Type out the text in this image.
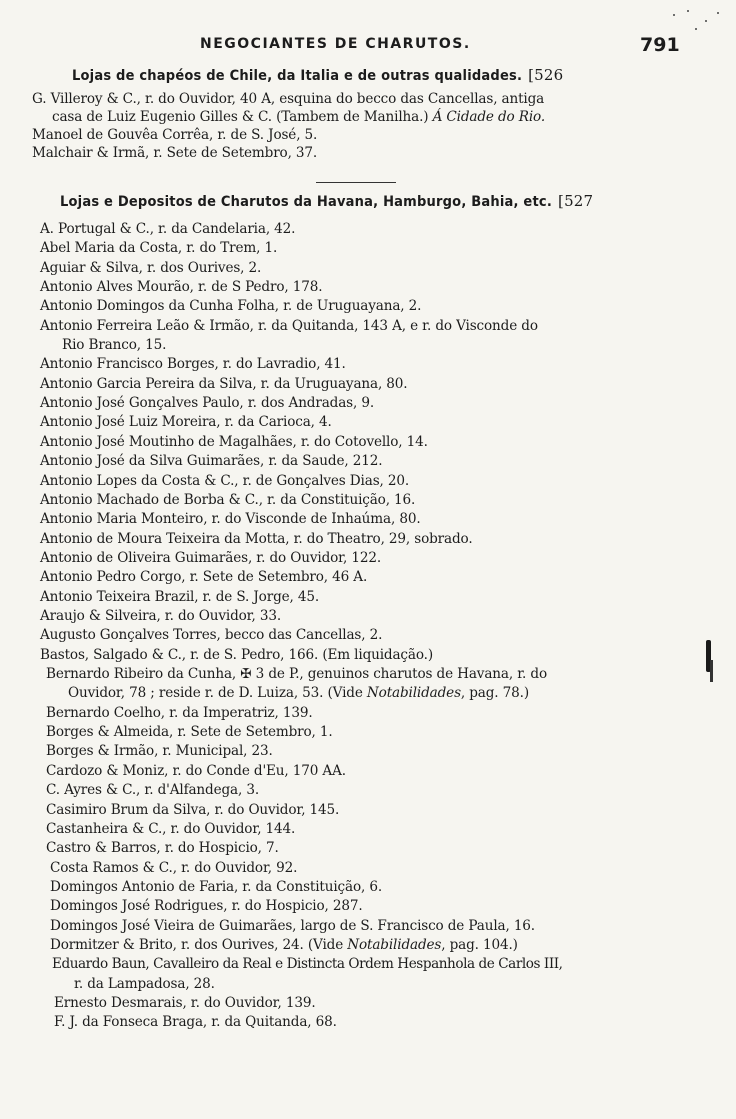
NEGOCIANTES DE CHARUTOS.	791
Lojas de chapéos de Chile, da Italia e de outras qualidades. [526
G. Villeroy & C., r. do Ouvidor, 40 A, esquina do becco das Cancellas, antiga
casa de Luiz Eugenio Gilles & C. (Tambem de Manilha.) Á Cidade do Rio.
Manoel de Gouvêa Corrêa, r. de S. José, 5.
Malchair & Irmã, r. Sete de Setembro, 37.
Lojas e Depositos de Charutos da Havana, Hamburgo, Bahia, etc. [527
A. Portugal & C., r. da Candelaria, 42.
Abel Maria da Costa, r. do Trem, 1.
Aguiar & Silva, r. dos Ourives, 2.
Antonio Alves Mourão, r. de S Pedro, 178.
Antonio Domingos da Cunha Folha, r. de Uruguayana, 2.
Antonio Ferreira Leão & Irmão, r. da Quitanda, 143 A, e r. do Visconde do
Rio Branco, 15.
Antonio Francisco Borges, r. do Lavradio, 41.
Antonio Garcia Pereira da Silva, r. da Uruguayana, 80.
Antonio José Gonçalves Paulo, r. dos Andradas, 9.
Antonio José Luiz Moreira, r. da Carioca, 4.
Antonio José Moutinho de Magalhães, r. do Cotovello, 14.
Antonio José da Silva Guimarães, r. da Saude, 212.
Antonio Lopes da Costa & C., r. de Gonçalves Dias, 20.
Antonio Machado de Borba & C., r. da Constituição, 16.
Antonio Maria Monteiro, r. do Visconde de Inhaúma, 80.
Antonio de Moura Teixeira da Motta, r. do Theatro, 29, sobrado.
Antonio de Oliveira Guimarães, r. do Ouvidor, 122.
Antonio Pedro Corgo, r. Sete de Setembro, 46 A.
Antonio Teixeira Brazil, r. de S. Jorge, 45.
Araujo & Silveira, r. do Ouvidor, 33.
Augusto Gonçalves Torres, becco das Cancellas, 2.
Bastos, Salgado & C., r. de S. Pedro, 166. (Em liquidação.)
Bernardo Ribeiro da Cunha, ✠ 3 de P., genuinos charutos de Havana, r. do
Ouvidor, 78 ; reside r. de D. Luiza, 53. (Vide Notabilidades, pag. 78.)
Bernardo Coelho, r. da Imperatriz, 139.
Borges & Almeida, r. Sete de Setembro, 1.
Borges & Irmão, r. Municipal, 23.
Cardozo & Moniz, r. do Conde d'Eu, 170 AA.
C. Ayres & C., r. d'Alfandega, 3.
Casimiro Brum da Silva, r. do Ouvidor, 145.
Castanheira & C., r. do Ouvidor, 144.
Castro & Barros, r. do Hospicio, 7.
Costa Ramos & C., r. do Ouvidor, 92.
Domingos Antonio de Faria, r. da Constituição, 6.
Domingos José Rodrigues, r. do Hospicio, 287.
Domingos José Vieira de Guimarães, largo de S. Francisco de Paula, 16.
Dormitzer & Brito, r. dos Ourives, 24. (Vide Notabilidades, pag. 104.)
Eduardo Baun, Cavalleiro da Real e Distincta Ordem Hespanhola de Carlos III,
r. da Lampadosa, 28.
Ernesto Desmarais, r. do Ouvidor, 139.
F. J. da Fonseca Braga, r. da Quitanda, 68.
